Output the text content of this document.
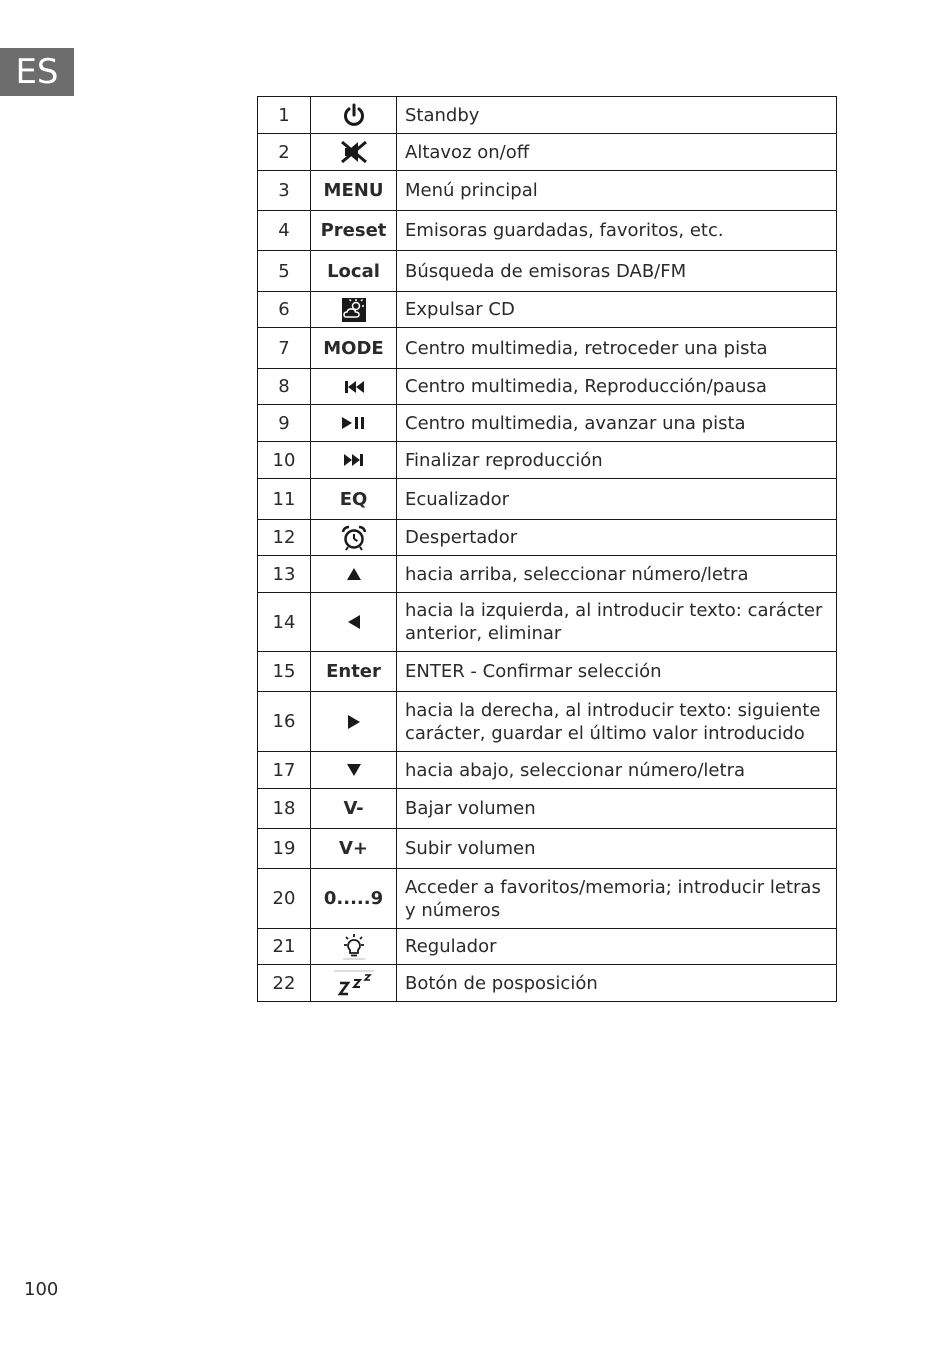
ES
1		Standby
2		Altavoz on/off
3	MENU	Menú principal
4	Preset	Emisoras guardadas, favoritos, etc.
5	Local	Búsqueda de emisoras DAB/FM
6		Expulsar CD
7	MODE	Centro multimedia, retroceder una pista
8		Centro multimedia, Reproducción/pausa
9		Centro multimedia, avanzar una pista
10		Finalizar reproducción
11	EQ	Ecualizador
12		Despertador
13		hacia arriba, seleccionar número/letra
14		hacia la izquierda, al introducir texto: carácter anterior, eliminar
15	Enter	ENTER - Confirmar selección
16		hacia la derecha, al introducir texto: siguiente carácter, guardar el último valor introducido
17		hacia abajo, seleccionar número/letra
18	V-	Bajar volumen
19	V+	Subir volumen
20	0.....9	Acceder a favoritos/memoria; introducir letras y números
21		Regulador
22		Botón de posposición
100
